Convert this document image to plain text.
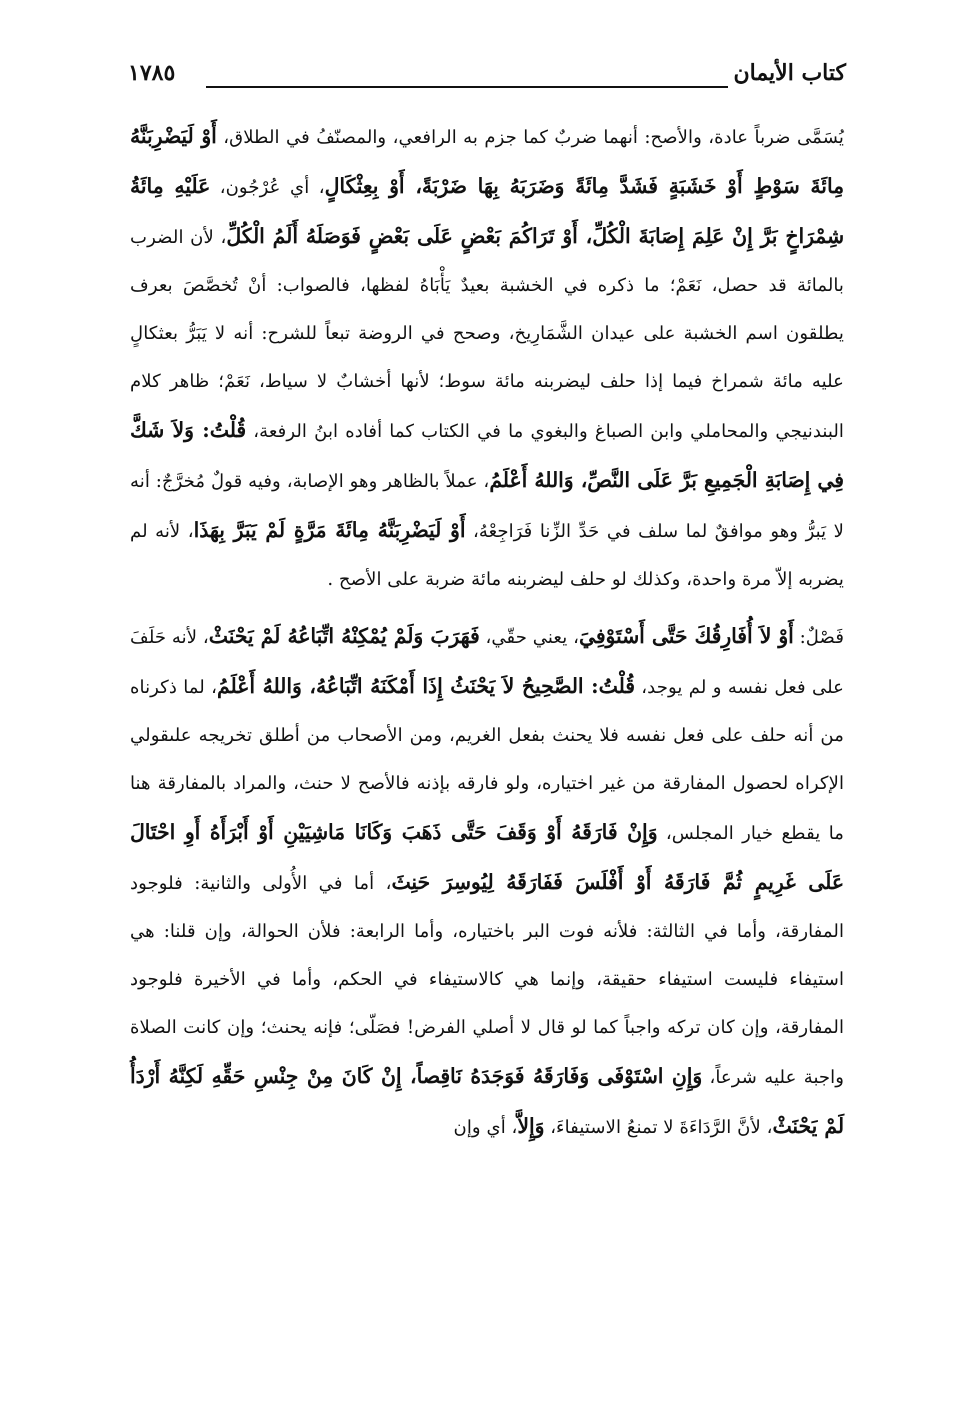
كتاب الأيمان
١٧٨٥

يُسَمَّى ضرباً عادة، والأصح: أنهما ضربٌ كما جزم به الرافعي، والمصنّفُ في الطلاق، أَوْ لَيَضْرِبَنَّهُ مِائَةَ سَوْطٍ أَوْ خَشَبَةٍ فَشَدَّ مِائَةً وَضَرَبَهُ بِهَا ضَرْبَةً، أَوْ بِعِثْكَالٍ، أي عُرْجُون، عَلَيْهِ مِائَةُ شِمْرَاخٍ بَرَّ إِنْ عَلِمَ إِصَابَةَ الْكُلِّ، أَوْ تَرَاكُمَ بَعْضٍ عَلَى بَعْضٍ فَوَصَلَهُ أَلَمُ الْكُلِّ، لأن الضرب بالمائة قد حصل، نَعَمْ؛ ما ذكره في الخشبة بعيدٌ يَأْبَاهُ لفظها، فالصواب: أنْ تُخصَّصَ بعرف يطلقون اسم الخشبة على عيدان الشَّمَارِيخ، وصحح في الروضة تبعاً للشرح: أنه لا يَبَرُّ بعثكالٍ عليه مائة شمراخ فيما إذا حلف ليضربنه مائة سوط؛ لأنها أخشابٌ لا سياط، نَعَمْ؛ ظاهر كلام البندنيجي والمحاملي وابن الصباغ والبغوي ما في الكتاب كما أفاده ابنُ الرفعة، قُلْتُ: وَلاَ شَكَّ فِي إِصَابَةِ الْجَمِيعِ بَرَّ عَلَى النَّصِّ، وَاللهُ أَعْلَمُ، عملاً بالظاهر وهو الإصابة، وفيه قولٌ مُخرَّجٌ: أنه لا يَبرُّ وهو موافقٌ لما سلف في حَدِّ الزِّنا فَرَاجِعْهُ، أَوْ لَيَضْرِبَنَّهُ مِائَةَ مَرَّةٍ لَمْ يَبَرَّ بِهَذَا، لأنه لم يضربه إلاّ مرة واحدة، وكذلك لو حلف ليضربنه مائة ضربة على الأصح .

فَصْلٌ: أَوْ لاَ أُفَارِقُكَ حَتَّى أَسْتَوْفِيَ، يعني حقّي، فَهَرَبَ وَلَمْ يُمْكِنْهُ اتِّبَاعُهُ لَمْ يَحْنَثْ، لأنه حَلَفَ على فعل نفسه و لم يوجد، قُلْتُ: الصَّحِيحُ لاَ يَحْنَثُ إِذَا أَمْكَنَهُ اتِّبَاعُهُ، وَاللهُ أَعْلَمُ، لما ذكرناه من أنه حلف على فعل نفسه فلا يحنث بفعل الغريم، ومن الأصحاب من أطلق تخريجه علىقولي الإكراه لحصول المفارقة من غير اختياره، ولو فارقه بإذنه فالأصح لا حنث، والمراد بالمفارقة هنا ما يقطع خيار المجلس، وَإِنْ فَارَقَهُ أَوْ وَقَفَ حَتَّى ذَهَبَ وَكَانَا مَاشِيَيْنِ أَوْ أَبْرَأَهُ أَوِ احْتَالَ عَلَى غَرِيمٍ ثُمَّ فَارَقَهُ أَوْ أَفْلَسَ فَفَارَقَهُ لِيُوسِرَ حَنِثَ، أما في الأُولى والثانية: فلوجود المفارقة، وأما في الثالثة: فلأنه فوت البر باختياره، وأما الرابعة: فلأن الحوالة، وإن قلنا: هي استيفاء فليست استيفاء حقيقة، وإنما هي كالاستيفاء في الحكم، وأما في الأخيرة فلوجود المفارقة، وإن كان تركه واجباً كما لو قال لا أصلي الفرض! فصَلّى؛ فإنه يحنث؛ وإن كانت الصلاة واجبة عليه شرعاً، وَإِنِ اسْتَوْفَى وَفَارَقَهُ فَوَجَدَهُ نَاقِصاً، إِنْ كَانَ مِنْ جِنْسِ حَقِّهِ لَكِنَّهُ أَرْدَأُ لَمْ يَحْنَثْ، لأنَّ الرَّدَاءَةَ لا تمنعُ الاستيفاءَ، وَإِلاَّ، أي وإن
